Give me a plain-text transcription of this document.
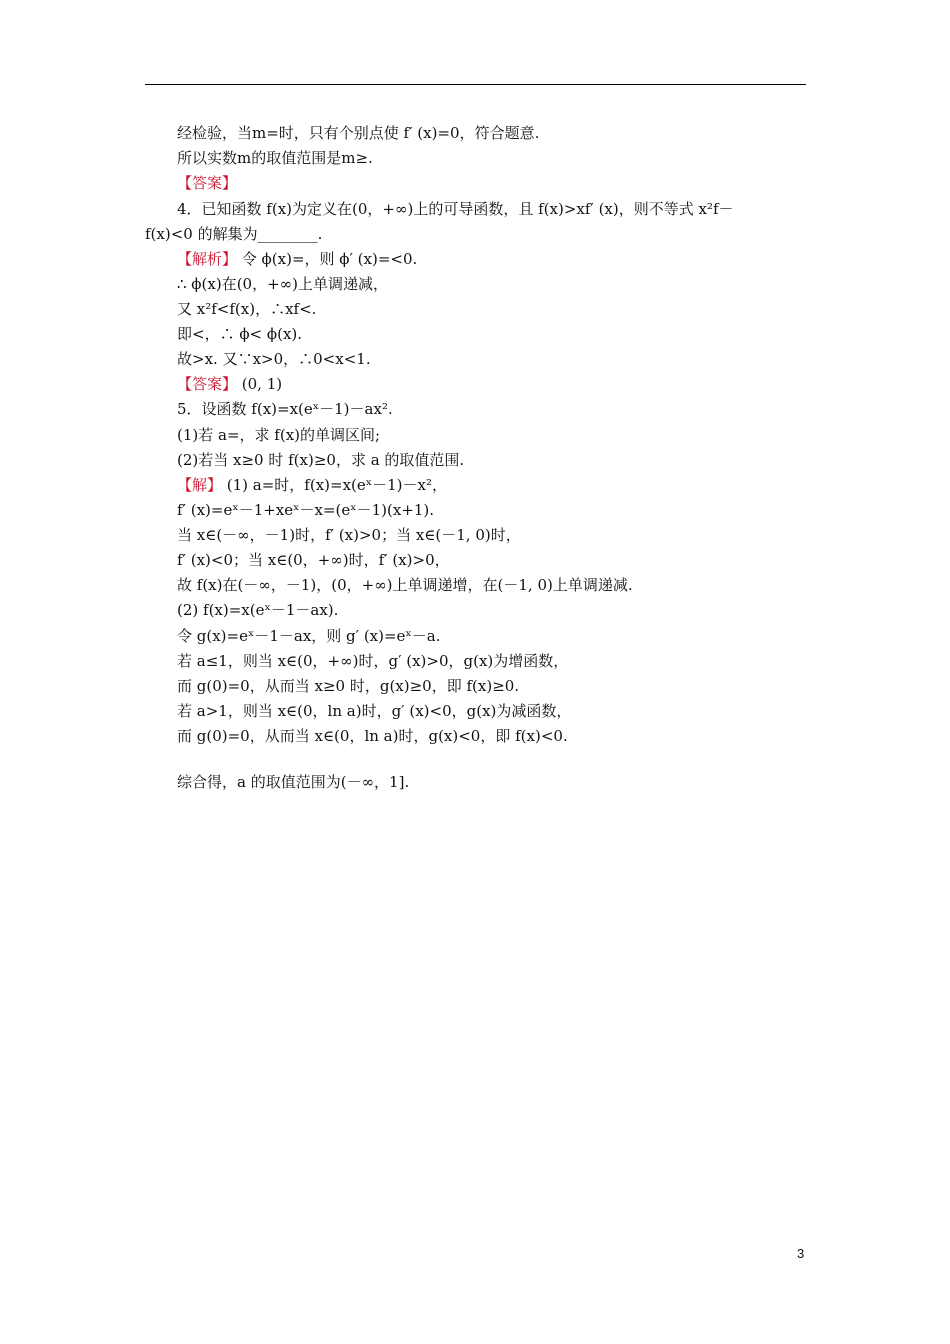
经检验，当m=时，只有个别点使 f′ (x)=0，符合题意.
所以实数m的取值范围是m≥.
【答案】
4．已知函数 f(x)为定义在(0，+∞)上的可导函数，且 f(x)>xf′ (x)，则不等式 x²f－
f(x)<0 的解集为________.
【解析】 令 ϕ(x)=，则 ϕ′ (x)=<0.
∴ ϕ(x)在(0，+∞)上单调递减，
又 x²f<f(x)，∴xf<.
即<，∴ ϕ< ϕ(x).
故>x. 又∵x>0，∴0<x<1.
【答案】 (0, 1)
5．设函数 f(x)=x(eˣ－1)－ax².
(1)若 a=，求 f(x)的单调区间;
(2)若当 x≥0 时 f(x)≥0，求 a 的取值范围.
【解】 (1) a=时，f(x)=x(eˣ－1)－x²，
f′ (x)=eˣ－1+xeˣ－x=(eˣ－1)(x+1).
当 x∈(－∞，－1)时，f′ (x)>0；当 x∈(－1, 0)时，
f′ (x)<0；当 x∈(0，+∞)时，f′ (x)>0，
故 f(x)在(－∞，－1)，(0，+∞)上单调递增，在(－1, 0)上单调递减.
(2) f(x)=x(eˣ－1－ax).
令 g(x)=eˣ－1－ax，则 g′ (x)=eˣ－a.
若 a≤1，则当 x∈(0，+∞)时，g′ (x)>0，g(x)为增函数，
而 g(0)=0，从而当 x≥0 时，g(x)≥0，即 f(x)≥0.
若 a>1，则当 x∈(0，ln a)时，g′ (x)<0，g(x)为减函数，
而 g(0)=0，从而当 x∈(0，ln a)时，g(x)<0，即 f(x)<0.
综合得，a 的取值范围为(－∞，1].
3
